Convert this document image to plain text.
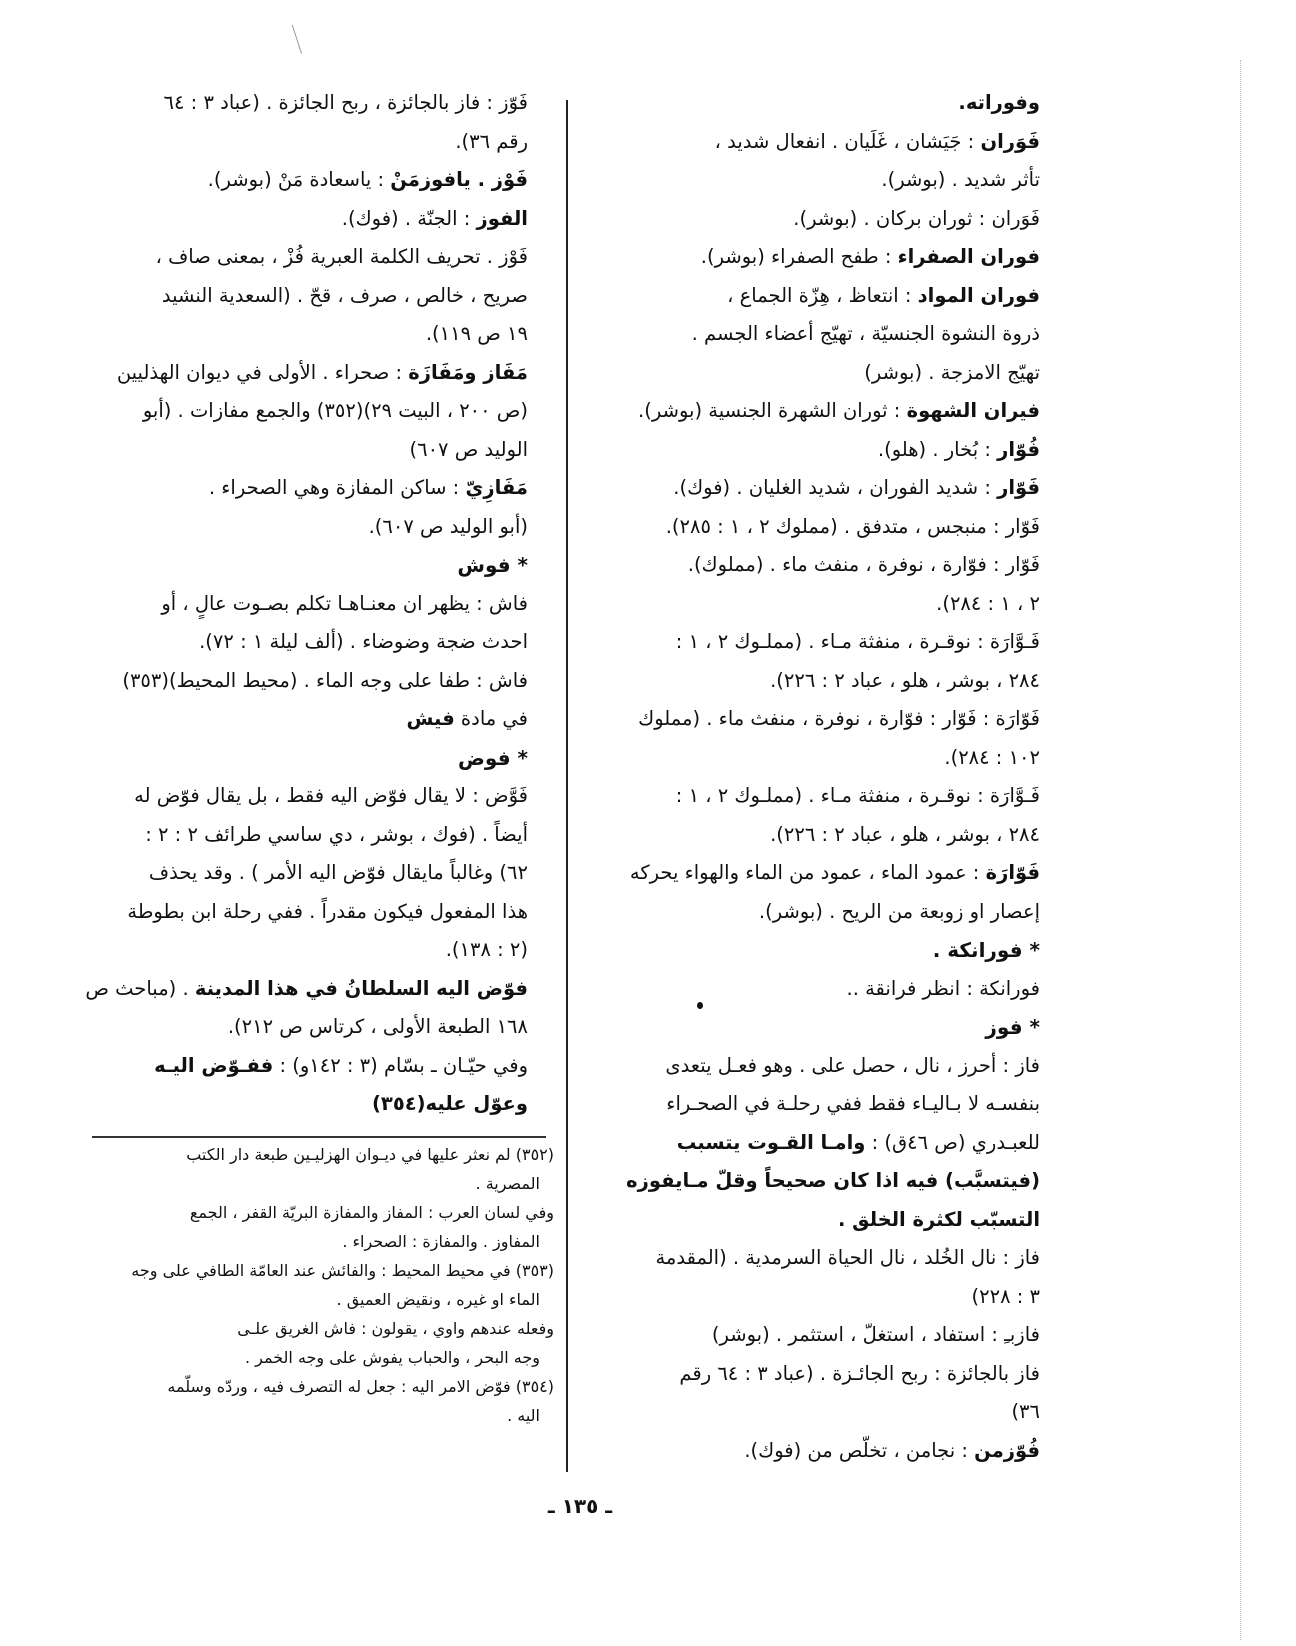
وفوراته.

فَوَران : جَيَشان ، غَلَيان . انفعال شديد ،

تأثر شديد . (بوشر).

فَوَران : ثوران بركان . (بوشر).

فوران الصفراء : طفح الصفراء (بوشر).

فوران المواد : انتعاظ ، هِزّة الجماع ،

ذروة النشوة الجنسيّة ، تهيّج أعضاء الجسم .

تهيّج الامزجة . (بوشر)

فيران الشهوة : ثوران الشهرة الجنسية (بوشر).

فُوّار : بُخار . (هلو).

فَوّار : شديد الفوران ، شديد الغليان . (فوك).

فَوّار : منبجس ، متدفق . (مملوك ٢ ، ١ : ٢٨٥).

فَوّار : فوّارة ، نوفرة ، منفث ماء . (مملوك).

٢ ، ١ : ٢٨٤).

فَـوَّارَة : نوقـرة ، منفثة مـاء . (مملـوك ٢ ، ١ :

٢٨٤ ، بوشر ، هلو ، عباد ٢ : ٢٢٦).

فَوّارَة : فَوّار : فوّارة ، نوفرة ، منفث ماء . (مملوك

١٠٢ : ٢٨٤).

فَـوَّارَة : نوقـرة ، منفثة مـاء . (مملـوك ٢ ، ١ :

٢٨٤ ، بوشر ، هلو ، عباد ٢ : ٢٢٦).

فَوّارَة : عمود الماء ، عمود من الماء والهواء يحركه

إعصار او زوبعة من الريح . (بوشر).

* فورانكة .

فورانكة : انظر فرانقة ..

* فوز

فاز : أحرز ، نال ، حصل على . وهو فعـل يتعدى

بنفسـه لا بـاليـاء فقط ففي رحلـة في الصحـراء

للعبـدري (ص ٤٦ق) : وامـا القـوت يتسبب

(فيتسبَّب) فيه اذا كان صحيحاً وقلّ مـايفوزه

التسبّب لكثرة الخلق .

فاز : نال الخُلد ، نال الحياة السرمدية . (المقدمة

٣ : ٢٢٨)

فازبـِ : استفاد ، استغلّ ، استثمر . (بوشر)

فاز بالجائزة : ربح الجائـزة . (عباد ٣ : ٦٤ رقم

٣٦)

فُوّزمن : نجامن ، تخلّص من (فوك).

فَوّز : فاز بالجائزة ، ربح الجائزة . (عباد ٣ : ٦٤

رقم ٣٦).

فَوْز . يافوزمَنْ : ياسعادة مَنْ (بوشر).

الفوز : الجنّة . (فوك).

فَوْز . تحريف الكلمة العبرية فُزْ ، بمعنى صاف ،

صريح ، خالص ، صرف ، قحّ . (السعدية النشيد

١٩ ص ١١٩).

مَفَاز ومَفَازَة : صحراء . الأولى في ديوان الهذليين

(ص ٢٠٠ ، البيت ٢٩)(٣٥٢) والجمع مفازات . (أبو

الوليد ص ٦٠٧)

مَفَازِيّ : ساكن المفازة وهي الصحراء .

(أبو الوليد ص ٦٠٧).

* فوش

فاش : يظهر ان معنـاهـا تكلم بصـوت عالٍ ، أو

احدث ضجة وضوضاء . (ألف ليلة ١ : ٧٢).

فاش : طفا على وجه الماء . (محيط المحيط)(٣٥٣)

في مادة فيش

* فوض

فَوَّض : لا يقال فوّض اليه فقط ، بل يقال فوّض له

أيضاً . (فوك ، بوشر ، دي ساسي طرائف ٢ : ٢ :

٦٢) وغالباً مايقال فوّض اليه الأمر ) . وقد يحذف

هذا المفعول فيكون مقدراً . ففي رحلة ابن بطوطة

(٢ : ١٣٨).

فوّض اليه السلطانُ في هذا المدينة . (مباحث ص

١٦٨ الطبعة الأولى ، كرتاس ص ٢١٢).

وفي حيّـان ـ بسّام (٣ : ١٤٢و) : ففـوّض اليـه

وعوّل عليه(٣٥٤)

(٣٥٢) لم نعثر عليها في ديـوان الهزليـين طبعة دار الكتب

المصرية .

وفي لسان العرب : المفاز والمفازة البريّة القفر ، الجمع

المفاوز . والمفازة : الصحراء .

(٣٥٣) في محيط المحيط : والفائش عند العامّة الطافي على وجه

الماء او غيره ، ونقيض العميق .

وفعله عندهم واوي ، يقولون : فاش الغريق علـى

وجه البحر ، والحباب يفوش على وجه الخمر .

(٣٥٤) فوّض الامر اليه : جعل له التصرف فيه ، وردّه وسلّمه

اليه .

ـ ١٣٥ ـ
